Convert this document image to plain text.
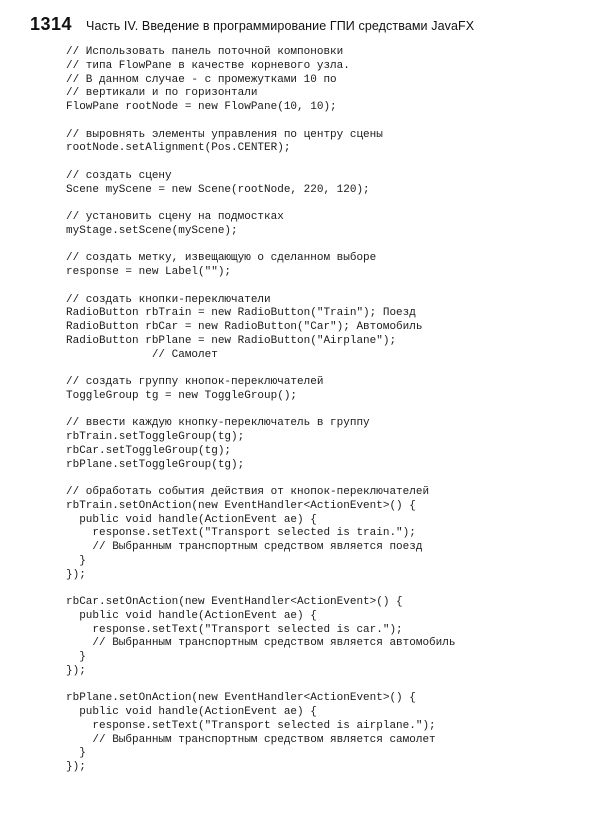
1314 Часть IV. Введение в программирование ГПИ средствами JavaFX
// Использовать панель поточной компоновки
// типа FlowPane в качестве корневого узла.
// В данном случае - с промежутками 10 по
// вертикали и по горизонтали
FlowPane rootNode = new FlowPane(10, 10);

// выровнять элементы управления по центру сцены
rootNode.setAlignment(Pos.CENTER);

// создать сцену
Scene myScene = new Scene(rootNode, 220, 120);

// установить сцену на подмостках
myStage.setScene(myScene);

// создать метку, извещающую о сделанном выборе
response = new Label("");

// создать кнопки-переключатели
RadioButton rbTrain = new RadioButton("Train"); Поезд
RadioButton rbCar = new RadioButton("Car"); Автомобиль
RadioButton rbPlane = new RadioButton("Airplane");
// Самолет

// создать группу кнопок-переключателей
ToggleGroup tg = new ToggleGroup();

// ввести каждую кнопку-переключатель в группу
rbTrain.setToggleGroup(tg);
rbCar.setToggleGroup(tg);
rbPlane.setToggleGroup(tg);

// обработать события действия от кнопок-переключателей
rbTrain.setOnAction(new EventHandler<ActionEvent>() {
public void handle(ActionEvent ae) {
response.setText("Transport selected is train.");
// Выбранным транспортным средством является поезд
}
});

rbCar.setOnAction(new EventHandler<ActionEvent>() {
public void handle(ActionEvent ae) {
response.setText("Transport selected is car.");
// Выбранным транспортным средством является автомобиль
}
});

rbPlane.setOnAction(new EventHandler<ActionEvent>() {
public void handle(ActionEvent ae) {
response.setText("Transport selected is airplane.");
// Выбранным транспортным средством является самолет
}
});
